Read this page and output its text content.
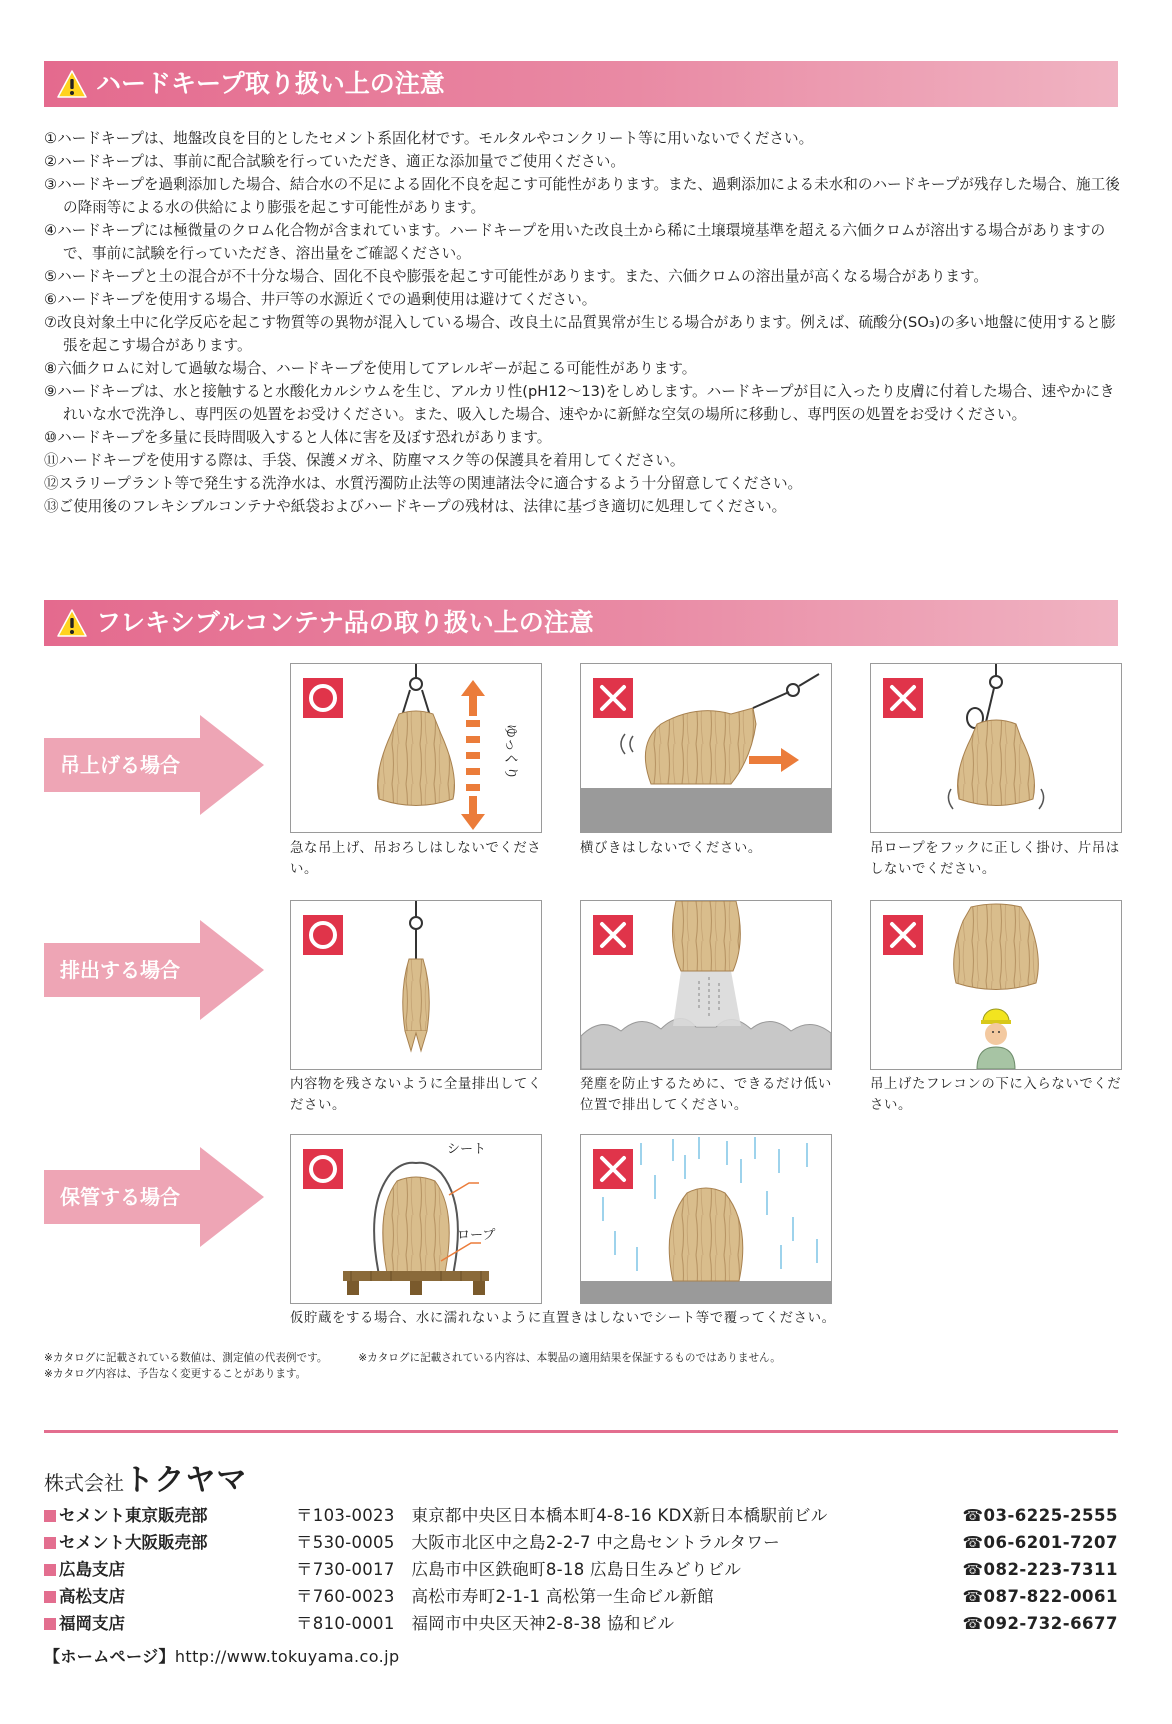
ハードキープ取り扱い上の注意
①ハードキープは、地盤改良を目的としたセメント系固化材です。モルタルやコンクリート等に用いないでください。
②ハードキープは、事前に配合試験を行っていただき、適正な添加量でご使用ください。
③ハードキープを過剰添加した場合、結合水の不足による固化不良を起こす可能性があります。また、過剰添加による未水和のハードキープが残存した場合、施工後の降雨等による水の供給により膨張を起こす可能性があります。
④ハードキープには極微量のクロム化合物が含まれています。ハードキープを用いた改良土から稀に土壌環境基準を超える六価クロムが溶出する場合がありますので、事前に試験を行っていただき、溶出量をご確認ください。
⑤ハードキープと土の混合が不十分な場合、固化不良や膨張を起こす可能性があります。また、六価クロムの溶出量が高くなる場合があります。
⑥ハードキープを使用する場合、井戸等の水源近くでの過剰使用は避けてください。
⑦改良対象土中に化学反応を起こす物質等の異物が混入している場合、改良土に品質異常が生じる場合があります。例えば、硫酸分(SO₃)の多い地盤に使用すると膨張を起こす場合があります。
⑧六価クロムに対して過敏な場合、ハードキープを使用してアレルギーが起こる可能性があります。
⑨ハードキープは、水と接触すると水酸化カルシウムを生じ、アルカリ性(pH12〜13)をしめします。ハードキープが目に入ったり皮膚に付着した場合、速やかにきれいな水で洗浄し、専門医の処置をお受けください。また、吸入した場合、速やかに新鮮な空気の場所に移動し、専門医の処置をお受けください。
⑩ハードキープを多量に長時間吸入すると人体に害を及ぼす恐れがあります。
⑪ハードキープを使用する際は、手袋、保護メガネ、防塵マスク等の保護具を着用してください。
⑫スラリープラント等で発生する洗浄水は、水質汚濁防止法等の関連諸法令に適合するよう十分留意してください。
⑬ご使用後のフレキシブルコンテナや紙袋およびハードキープの残材は、法律に基づき適切に処理してください。
フレキシブルコンテナ品の取り扱い上の注意
吊上げる場合
排出する場合
保管する場合
ゆっくり
急な吊上げ、吊おろしはしないでください。
横びきはしないでください。	吊ロープをフックに正しく掛け、片吊はしないでください。
内容物を残さないように全量排出してください。
発塵を防止するために、できるだけ低い位置で排出してください。
吊上げたフレコンの下に入らないでください。
シート
ロープ
仮貯蔵をする場合、水に濡れないように直置きはしないでシート等で覆ってください。
※カタログに記載されている数値は、測定値の代表例です。	※カタログに記載されている内容は、本製品の適用結果を保証するものではありません。
※カタログ内容は、予告なく変更することがあります。
株式会社トクヤマ
セメント東京販売部	〒103-0023　東京都中央区日本橋本町4-8-16 KDX新日本橋駅前ビル	☎03-6225-2555
セメント大阪販売部	〒530-0005　大阪市北区中之島2-2-7 中之島セントラルタワー	☎06-6201-7207
広島支店	〒730-0017　広島市中区鉄砲町8-18 広島日生みどりビル	☎082-223-7311
高松支店	〒760-0023　高松市寿町2-1-1 高松第一生命ビル新館	☎087-822-0061
福岡支店	〒810-0001　福岡市中央区天神2-8-38 協和ビル	☎092-732-6677
【ホームページ】http://www.tokuyama.co.jp
